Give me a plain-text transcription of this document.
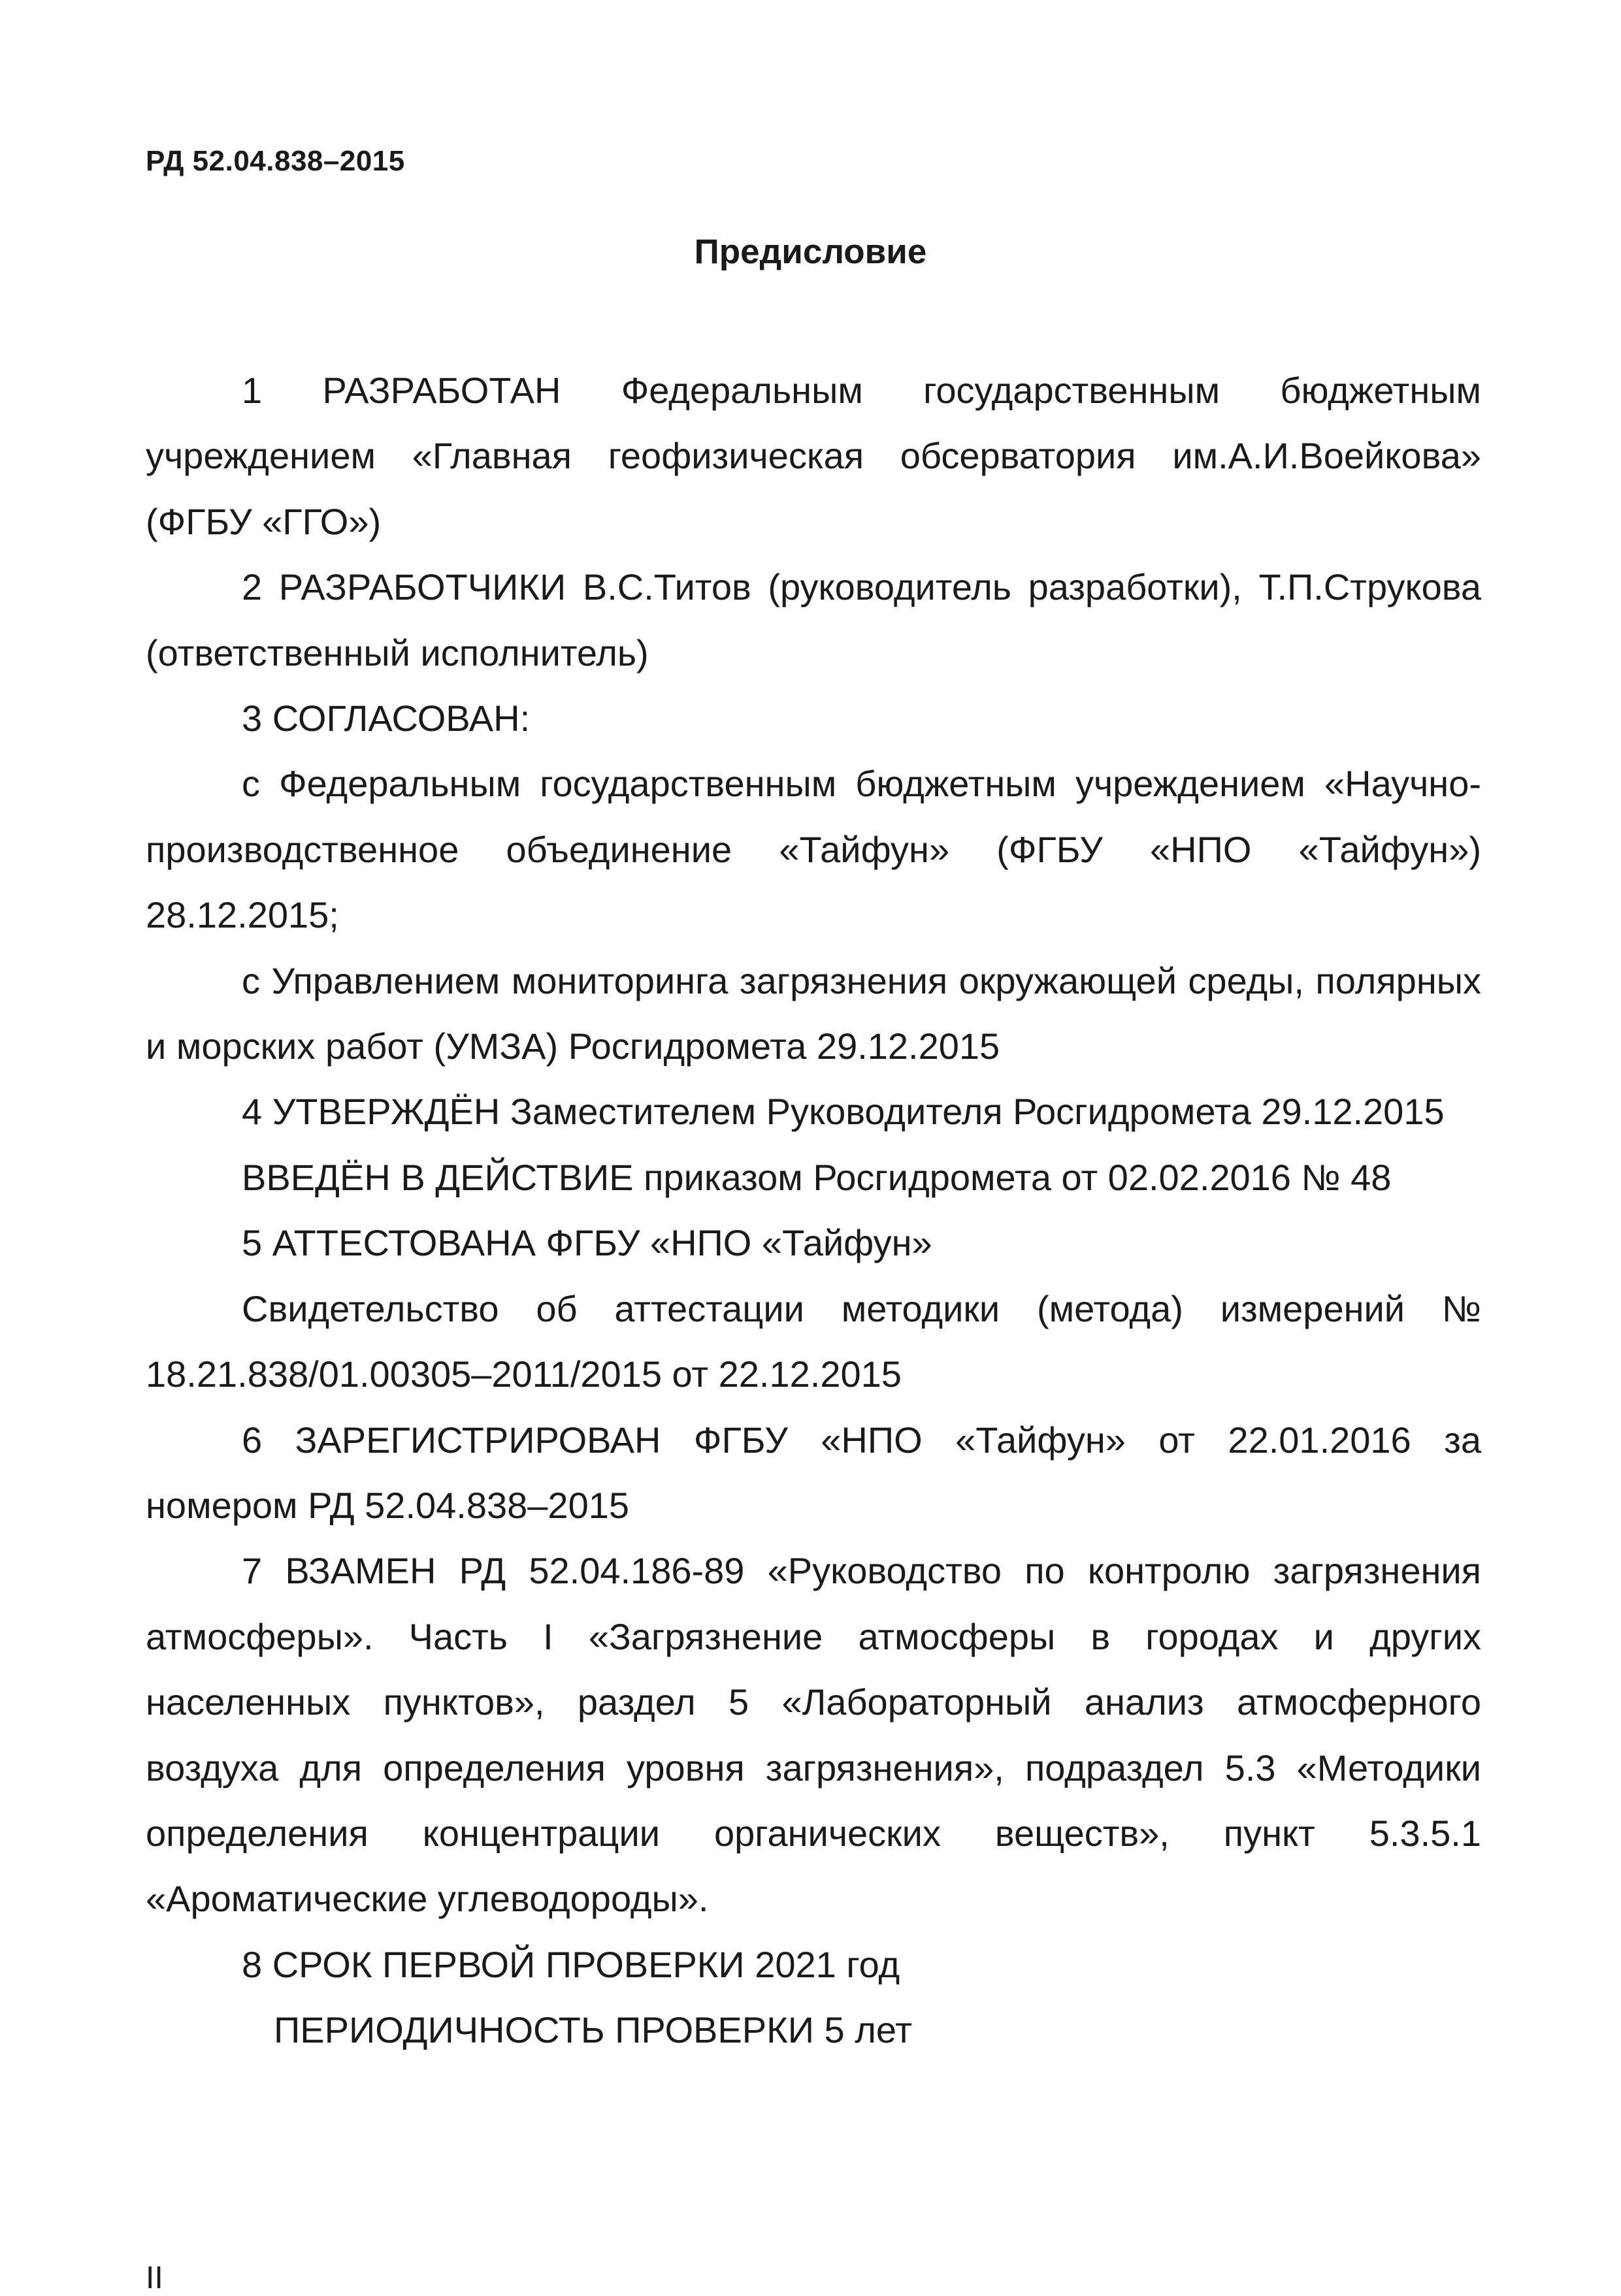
РД 52.04.838–2015

Предисловие

1 РАЗРАБОТАН Федеральным государственным бюджетным учреждением «Главная геофизическая обсерватория им.А.И.Воейкова» (ФГБУ «ГГО»)

2 РАЗРАБОТЧИКИ В.С.Титов (руководитель разработки), Т.П.Струкова (ответственный исполнитель)

3 СОГЛАСОВАН:

с Федеральным государственным бюджетным учреждением «Научно-производственное объединение «Тайфун» (ФГБУ «НПО «Тайфун») 28.12.2015;

с Управлением мониторинга загрязнения окружающей среды, полярных и морских работ (УМЗА) Росгидромета 29.12.2015

4 УТВЕРЖДЁН Заместителем Руководителя Росгидромета 29.12.2015

ВВЕДЁН В ДЕЙСТВИЕ приказом Росгидромета от 02.02.2016 № 48

5 АТТЕСТОВАНА ФГБУ «НПО «Тайфун»

Свидетельство об аттестации методики (метода) измерений № 18.21.838/01.00305–2011/2015 от 22.12.2015

6 ЗАРЕГИСТРИРОВАН ФГБУ «НПО «Тайфун» от 22.01.2016 за номером РД 52.04.838–2015

7 ВЗАМЕН РД 52.04.186-89 «Руководство по контролю загрязнения атмосферы». Часть I «Загрязнение атмосферы в городах и других населенных пунктов», раздел 5 «Лабораторный анализ атмосферного воздуха для определения уровня загрязнения», подраздел 5.3 «Методики определения концентрации органических веществ», пункт 5.3.5.1 «Ароматические углеводороды».

8 СРОК ПЕРВОЙ ПРОВЕРКИ 2021 год

ПЕРИОДИЧНОСТЬ ПРОВЕРКИ 5 лет

II
